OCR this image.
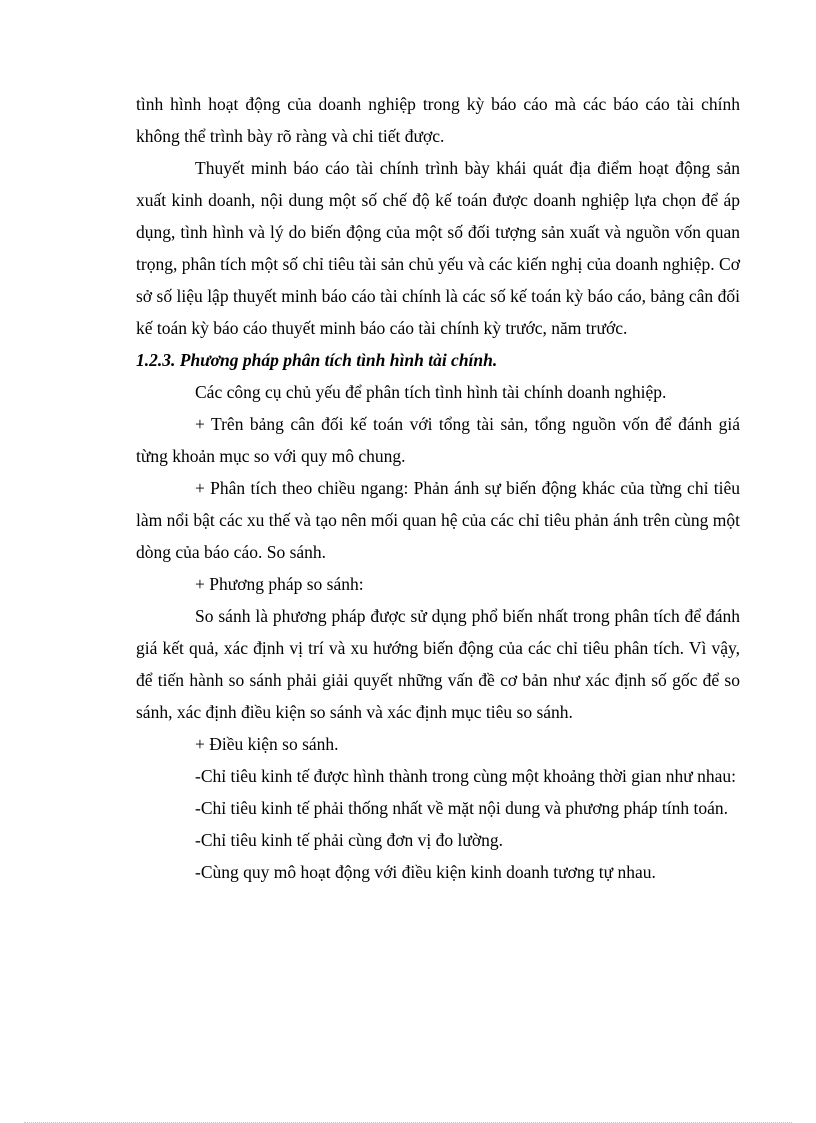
tình hình hoạt động của doanh nghiệp trong kỳ báo cáo mà các báo cáo tài chính không thể trình bày rõ ràng và chi tiết được.

Thuyết minh báo cáo tài chính trình bày khái quát địa điểm hoạt động sản xuất kinh doanh, nội dung một số chế độ kế toán được doanh nghiệp lựa chọn để áp dụng, tình hình và lý do biến động của một số đối tượng sản xuất và nguồn vốn quan trọng, phân tích một số chỉ tiêu tài sản chủ yếu và các kiến nghị của doanh nghiệp. Cơ sở số liệu lập thuyết minh báo cáo tài chính là các số kế toán kỳ báo cáo, bảng cân đối kế toán kỳ báo cáo thuyết minh báo cáo tài chính kỳ trước, năm trước.

1.2.3. Phương pháp phân tích tình hình tài chính.

Các công cụ chủ yếu để phân tích tình hình tài chính doanh nghiệp.

+ Trên bảng cân đối kế toán với tổng tài sản, tổng nguồn vốn để đánh giá từng khoản mục so với quy mô chung.

+ Phân tích theo chiều ngang: Phản ánh sự biến động khác của từng chỉ tiêu làm nổi bật các xu thế và tạo nên mối quan hệ của các chỉ tiêu phản ánh trên cùng một dòng của báo cáo. So sánh.

+ Phương pháp so sánh:

So sánh là phương pháp được sử dụng phổ biến nhất trong phân tích để đánh giá kết quả, xác định vị trí và xu hướng biến động của các chỉ tiêu phân tích. Vì vậy, để tiến hành so sánh phải giải quyết những vấn đề cơ bản như xác định số gốc để so sánh, xác định điều kiện so sánh và xác định mục tiêu so sánh.

+ Điều kiện so sánh.

-Chỉ tiêu kinh tế được hình thành trong cùng một khoảng thời gian như nhau:

-Chỉ tiêu kinh tế phải thống nhất về mặt nội dung và phương pháp tính toán.

-Chỉ tiêu kinh tế phải cùng đơn vị đo lường.

-Cùng quy mô hoạt động với điều kiện kinh doanh tương tự nhau.
